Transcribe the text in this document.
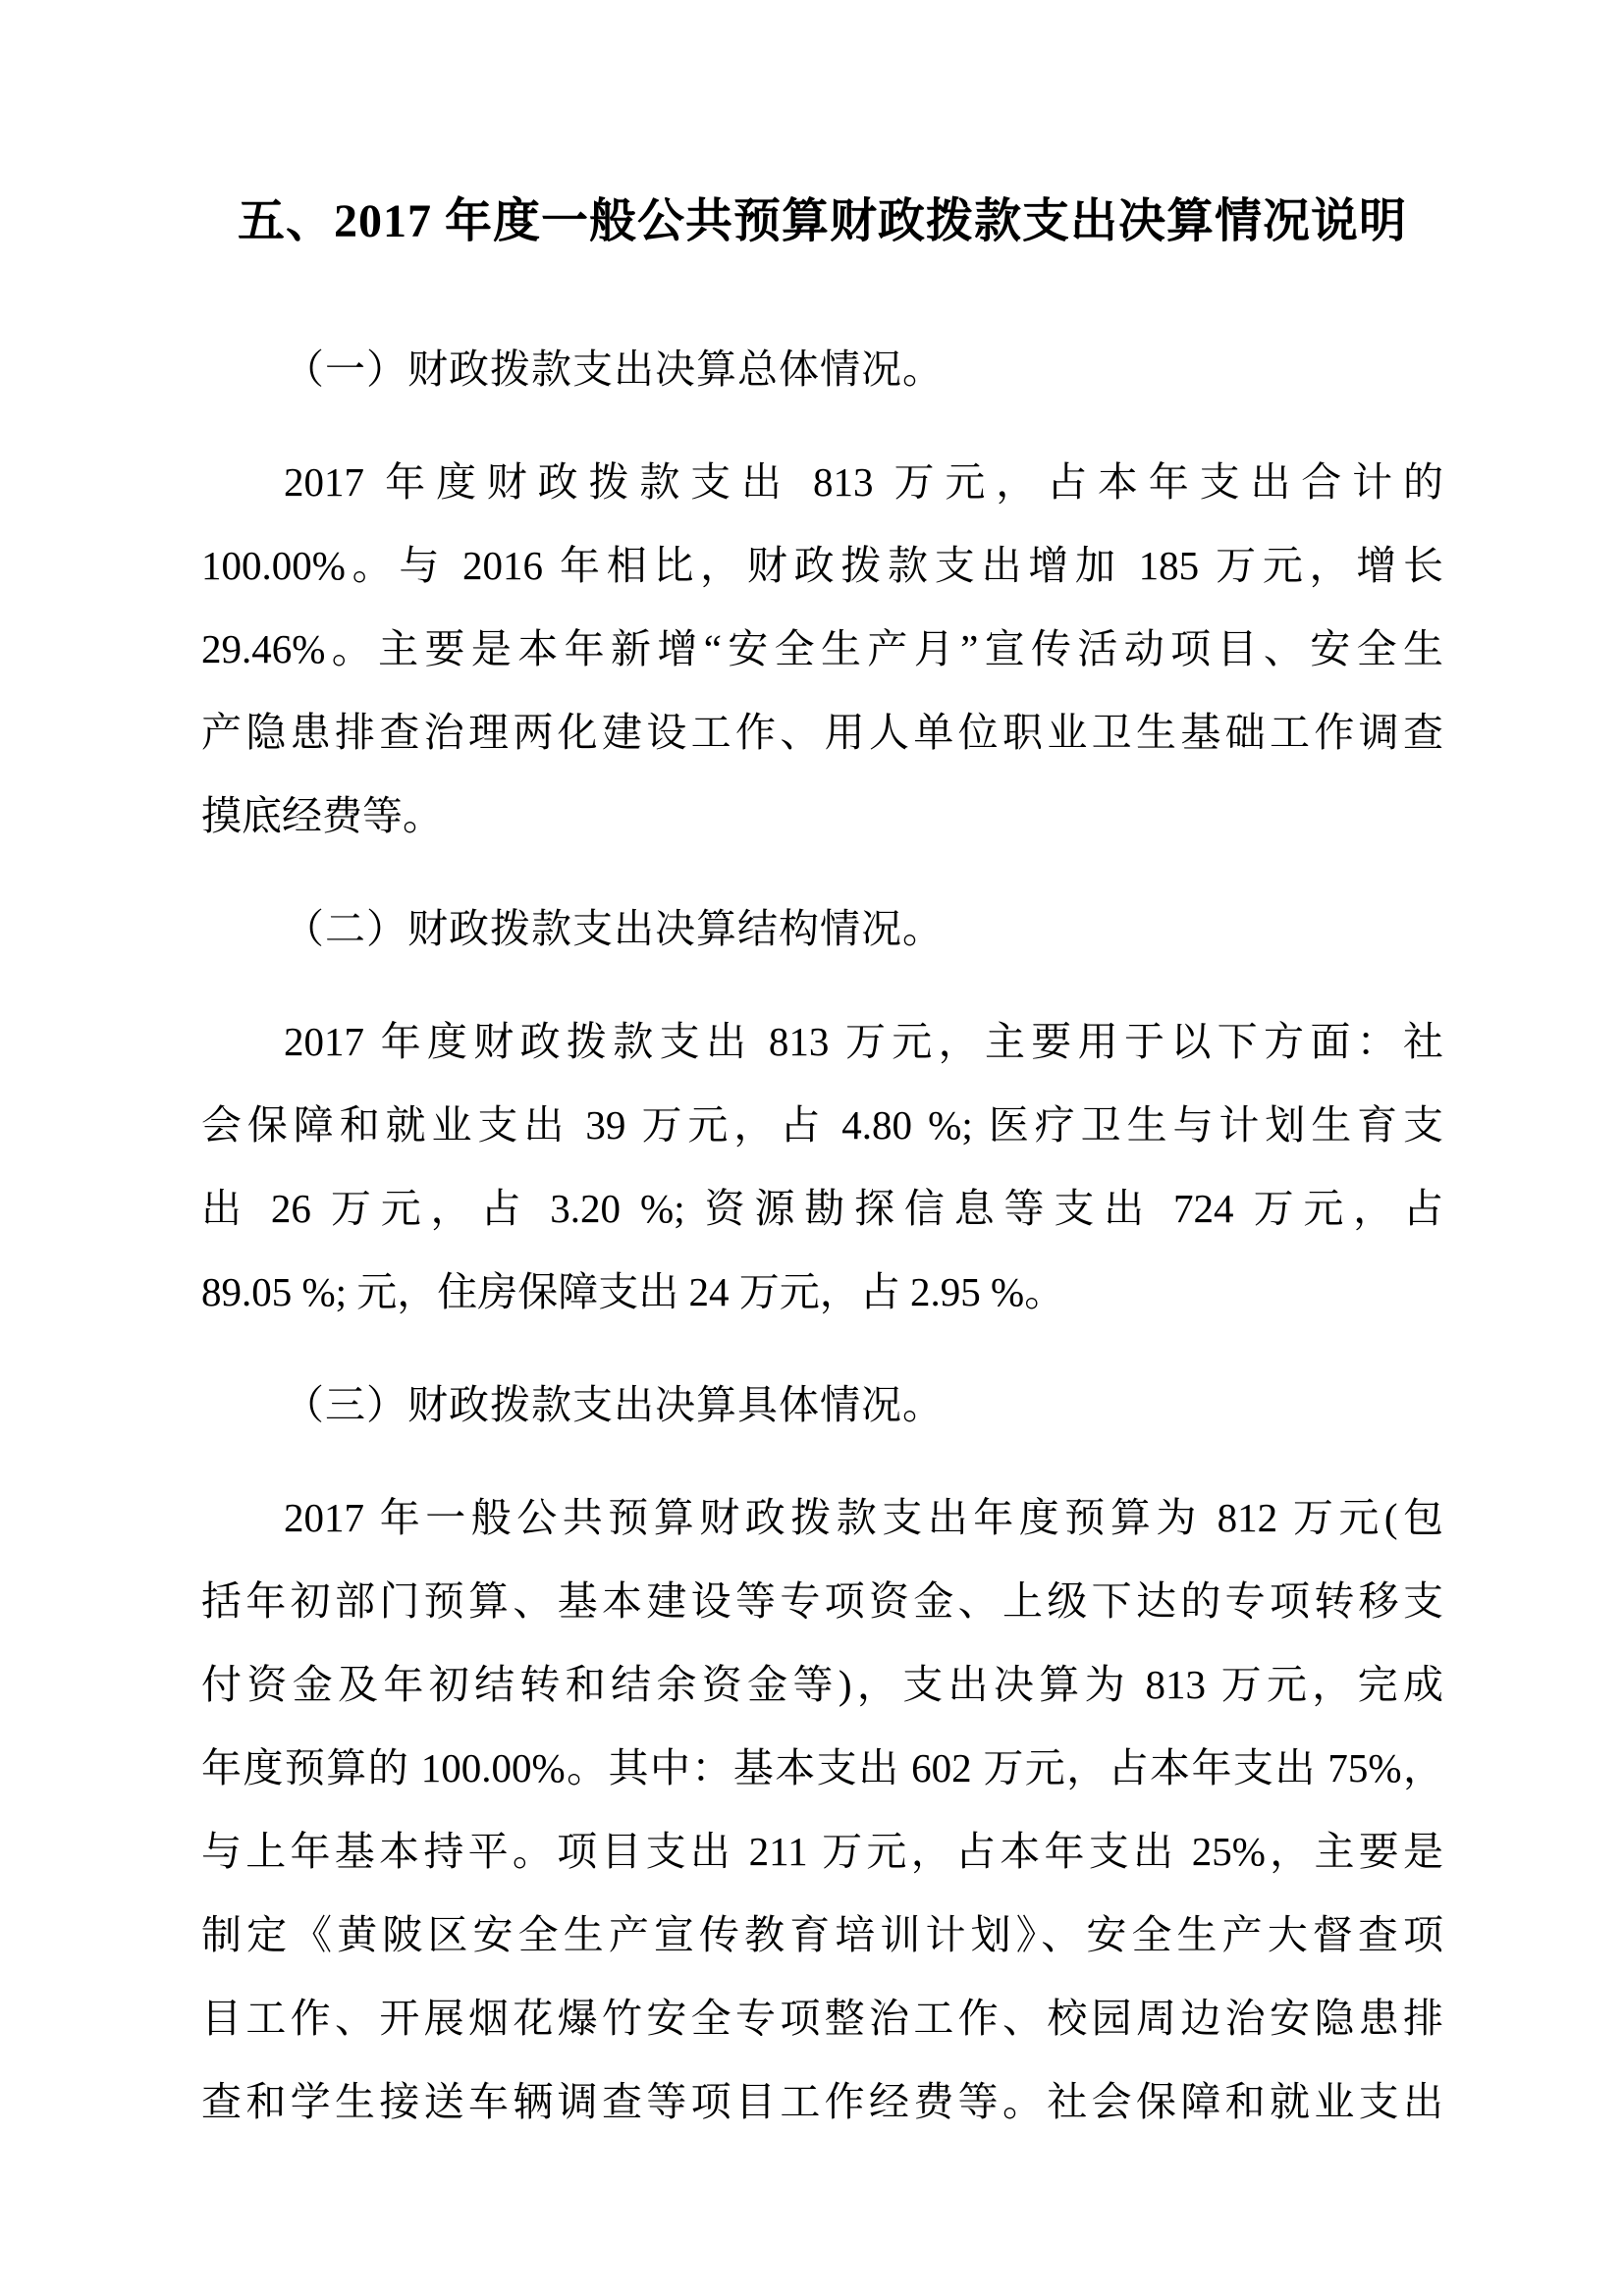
五、2017 年度一般公共预算财政拨款支出决算情况说明
（一）财政拨款支出决算总体情况。
2017 年度财政拨款支出 813 万元，占本年支出合计的
100.00%。与 2016 年相比，财政拨款支出增加 185 万元，增长
29.46%。主要是本年新增“安全生产月”宣传活动项目、安全生
产隐患排查治理两化建设工作、用人单位职业卫生基础工作调查
摸底经费等。
（二）财政拨款支出决算结构情况。
2017 年度财政拨款支出 813 万元，主要用于以下方面：社
会保障和就业支出 39 万元，占 4.80 %; 医疗卫生与计划生育支
出 26 万元，占 3.20 %; 资源勘探信息等支出 724 万元，占
89.05 %; 元，住房保障支出 24 万元，占 2.95 %。
（三）财政拨款支出决算具体情况。
2017 年一般公共预算财政拨款支出年度预算为 812 万元(包
括年初部门预算、基本建设等专项资金、上级下达的专项转移支
付资金及年初结转和结余资金等)，支出决算为 813 万元，完成
年度预算的 100.00%。其中：基本支出 602 万元，占本年支出 75%，
与上年基本持平。项目支出 211 万元，占本年支出 25%，主要是
制定《黄陂区安全生产宣传教育培训计划》、安全生产大督查项
目工作、开展烟花爆竹安全专项整治工作、校园周边治安隐患排
查和学生接送车辆调查等项目工作经费等。社会保障和就业支出
